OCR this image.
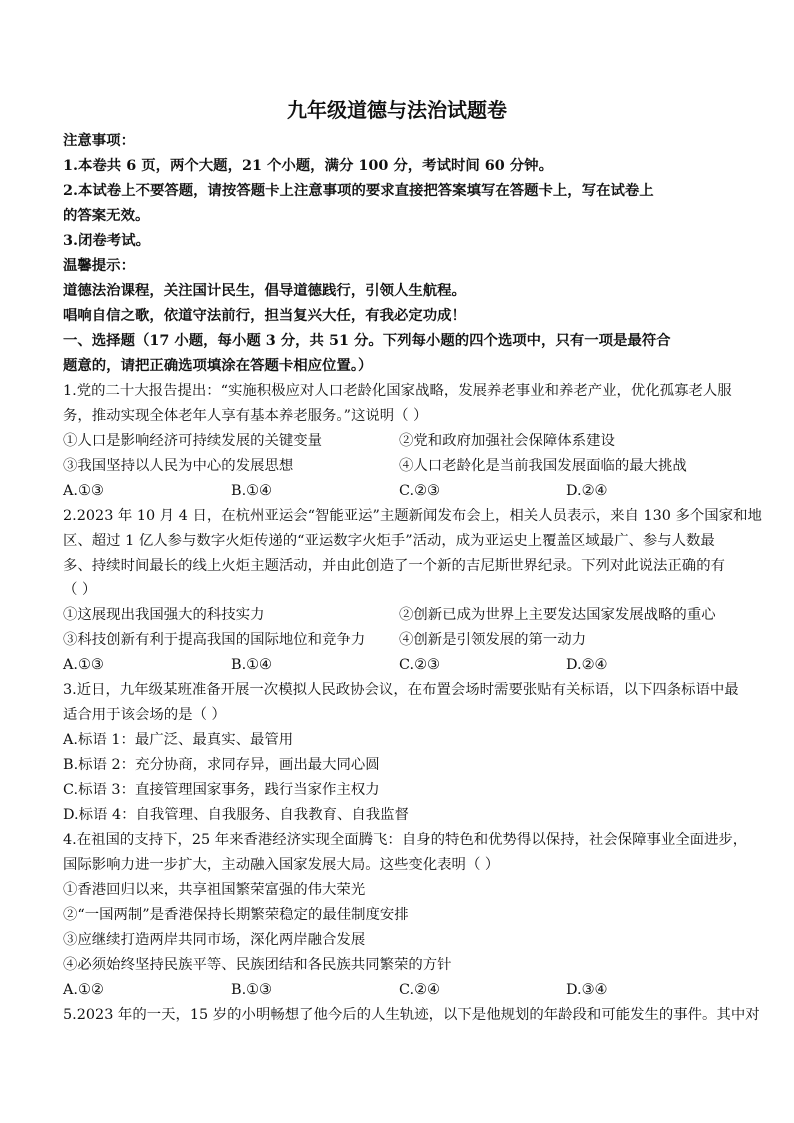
九年级道德与法治试题卷
注意事项：
1.本卷共 6 页，两个大题，21 个小题，满分 100 分，考试时间 60 分钟。
2.本试卷上不要答题，请按答题卡上注意事项的要求直接把答案填写在答题卡上，写在试卷上
的答案无效。
3.闭卷考试。
温馨提示：
道德法治课程，关注国计民生，倡导道德践行，引领人生航程。
唱响自信之歌，依道守法前行，担当复兴大任，有我必定功成！
一、选择题（17 小题，每小题 3 分，共 51 分。下列每小题的四个选项中，只有一项是最符合
题意的，请把正确选项填涂在答题卡相应位置。）
1.党的二十大报告提出：“实施积极应对人口老龄化国家战略，发展养老事业和养老产业，优化孤寡老人服
务，推动实现全体老年人享有基本养老服务。”这说明（ ）
①人口是影响经济可持续发展的关键变量	②党和政府加强社会保障体系建设
③我国坚持以人民为中心的发展思想	④人口老龄化是当前我国发展面临的最大挑战
A.①③	B.①④	C.②③	D.②④
2.2023 年 10 月 4 日，在杭州亚运会“智能亚运”主题新闻发布会上，相关人员表示，来自 130 多个国家和地
区、超过 1 亿人参与数字火炬传递的“亚运数字火炬手”活动，成为亚运史上覆盖区域最广、参与人数最
多、持续时间最长的线上火炬主题活动，并由此创造了一个新的吉尼斯世界纪录。下列对此说法正确的有
（ ）
①这展现出我国强大的科技实力	②创新已成为世界上主要发达国家发展战略的重心
③科技创新有利于提高我国的国际地位和竞争力 ④创新是引领发展的第一动力
A.①③	B.①④	C.②③	D.②④
3.近日，九年级某班准备开展一次模拟人民政协会议，在布置会场时需要张贴有关标语，以下四条标语中最
适合用于该会场的是（ ）
A.标语 1：最广泛、最真实、最管用
B.标语 2：充分协商，求同存异，画出最大同心圆
C.标语 3：直接管理国家事务，践行当家作主权力
D.标语 4：自我管理、自我服务、自我教育、自我监督
4.在祖国的支持下，25 年来香港经济实现全面腾飞：自身的特色和优势得以保持，社会保障事业全面进步，
国际影响力进一步扩大，主动融入国家发展大局。这些变化表明（ ）
①香港回归以来，共享祖国繁荣富强的伟大荣光
②“一国两制”是香港保持长期繁荣稳定的最佳制度安排
③应继续打造两岸共同市场，深化两岸融合发展
④必须始终坚持民族平等、民族团结和各民族共同繁荣的方针
A.①②	B.①③	C.②④	D.③④
5.2023 年的一天，15 岁的小明畅想了他今后的人生轨迹，以下是他规划的年龄段和可能发生的事件。其中对
